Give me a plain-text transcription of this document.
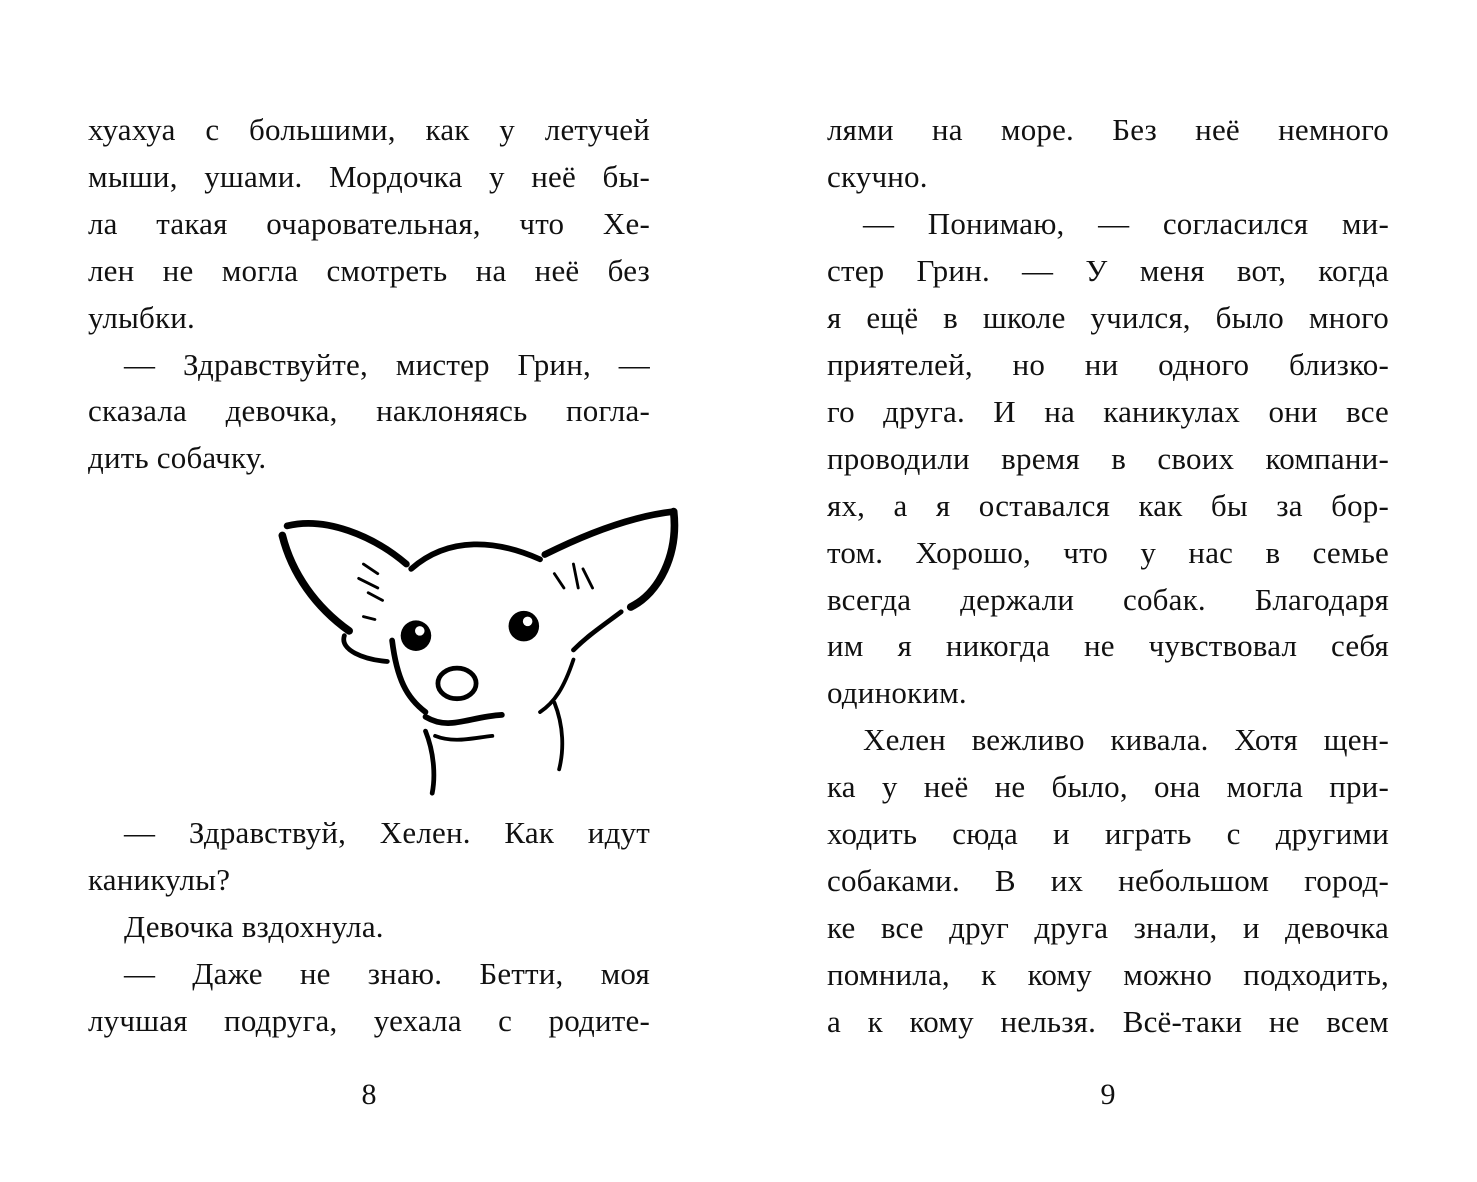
хуахуа с большими, как у летучей
мыши, ушами. Мордочка у неё бы-
ла такая очаровательная, что Хе-
лен не могла смотреть на неё без
улыбки.
— Здравствуйте, мистер Грин, —
сказала девочка, наклоняясь погла-
дить собачку.
— Здравствуй, Хелен. Как идут
каникулы?
Девочка вздохнула.
— Даже не знаю. Бетти, моя
лучшая подруга, уехала с родите-
8
лями на море. Без неё немного
скучно.
— Понимаю, — согласился ми-
стер Грин. — У меня вот, когда
я ещё в школе учился, было много
приятелей, но ни одного близко-
го друга. И на каникулах они все
проводили время в своих компани-
ях, а я оставался как бы за бор-
том. Хорошо, что у нас в семье
всегда держали собак. Благодаря
им я никогда не чувствовал себя
одиноким.
Хелен вежливо кивала. Хотя щен-
ка у неё не было, она могла при-
ходить сюда и играть с другими
собаками. В их небольшом город-
ке все друг друга знали, и девочка
помнила, к кому можно подходить,
а к кому нельзя. Всё-таки не всем
9
